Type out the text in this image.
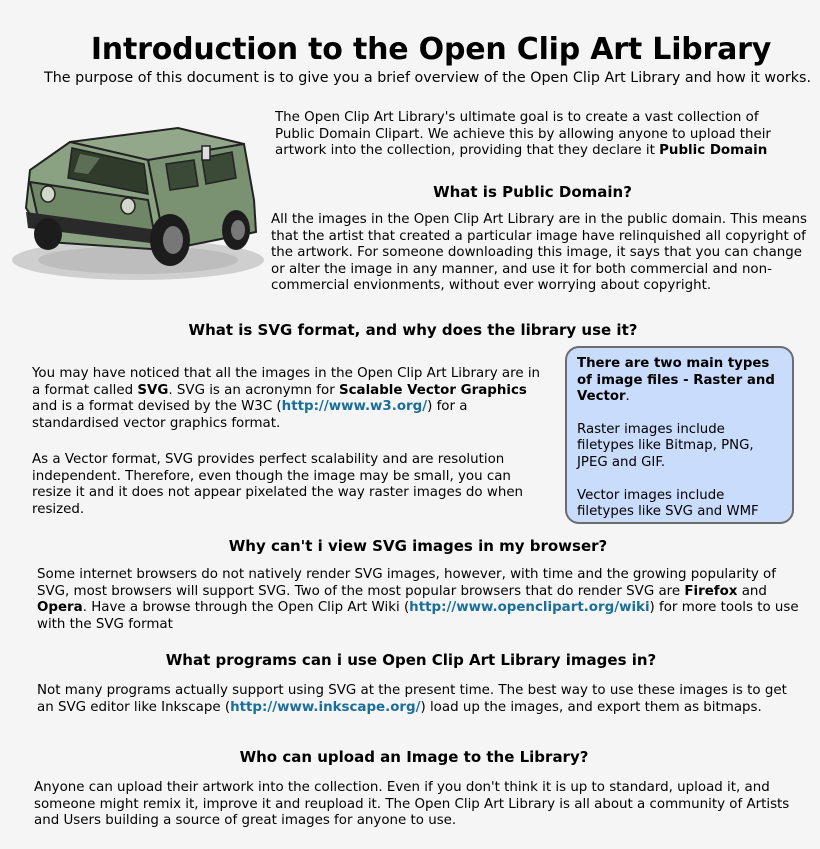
Introduction to the Open Clip Art Library
The purpose of this document is to give you a brief overview of the Open Clip Art Library and how it works.
The Open Clip Art Library's ultimate goal is to create a vast collection of Public Domain Clipart. We achieve this by allowing anyone to upload their artwork into the collection, providing that they declare it Public Domain
What is Public Domain?
All the images in the Open Clip Art Library are in the public domain. This means that the artist that created a particular image have relinquished all copyright of the artwork. For someone downloading this image, it says that you can change or alter the image in any manner, and use it for both commercial and non-commercial envionments, without ever worrying about copyright.
What is SVG format, and why does the library use it?
You may have noticed that all the images in the Open Clip Art Library are in a format called SVG. SVG is an acronymn for Scalable Vector Graphics and is a format devised by the W3C (http://www.w3.org/) for a standardised vector graphics format.
As a Vector format, SVG provides perfect scalability and are resolution independent. Therefore, even though the image may be small, you can resize it and it does not appear pixelated the way raster images do when resized.

There are two main types of image files - Raster and Vector.

Raster images include filetypes like Bitmap, PNG, JPEG and GIF.

Vector images include filetypes like SVG and WMF

Why can't i view SVG images in my browser?
Some internet browsers do not natively render SVG images, however, with time and the growing popularity of SVG, most browsers will support SVG. Two of the most popular browsers that do render SVG are Firefox and Opera. Have a browse through the Open Clip Art Wiki (http://www.openclipart.org/wiki) for more tools to use with the SVG format
What programs can i use Open Clip Art Library images in?
Not many programs actually support using SVG at the present time. The best way to use these images is to get an SVG editor like Inkscape (http://www.inkscape.org/) load up the images, and export them as bitmaps.
Who can upload an Image to the Library?
Anyone can upload their artwork into the collection. Even if you don't think it is up to standard, upload it, and someone might remix it, improve it and reupload it. The Open Clip Art Library is all about a community of Artists and Users building a source of great images for anyone to use.
